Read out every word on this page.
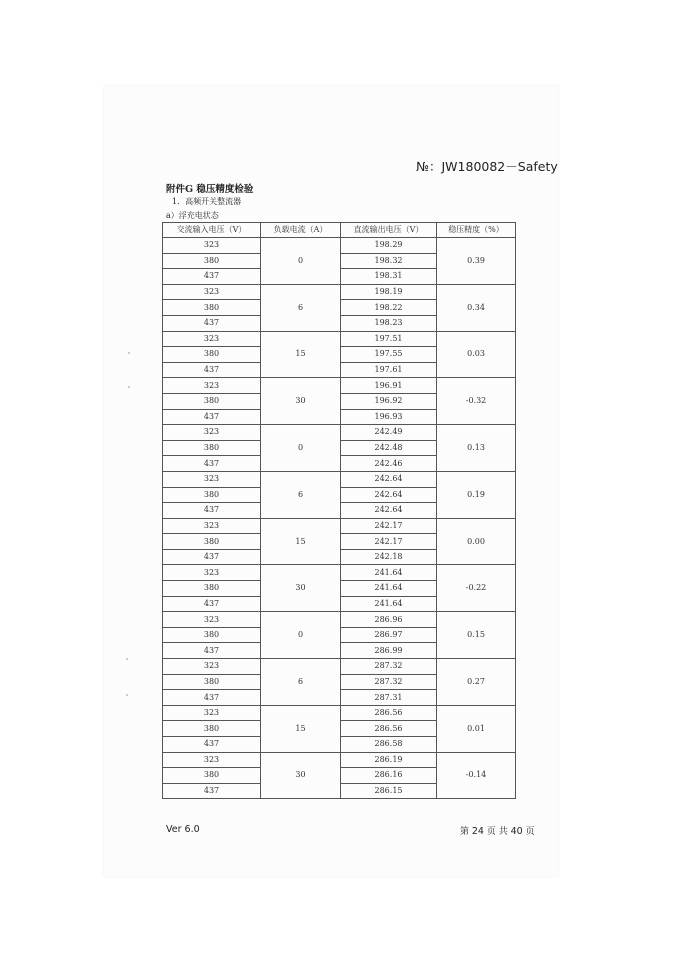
№：JW180082－Safety
附件G 稳压精度检验
1．高频开关整流器
a）浮充电状态
交流输入电压（V）	负载电流（A）	直流输出电压（V）	稳压精度（%）
323	0	198.29	0.39
380		198.32	
437		198.31	
323	6	198.19	0.34
380		198.22	
437		198.23	
323	15	197.51	0.03
380		197.55	
437		197.61	
323	30	196.91	-0.32
380		196.92	
437		196.93	
323	0	242.49	0.13
380		242.48	
437		242.46	
323	6	242.64	0.19
380		242.64	
437		242.64	
323	15	242.17	0.00
380		242.17	
437		242.18	
323	30	241.64	-0.22
380		241.64	
437		241.64	
323	0	286.96	0.15
380		286.97	
437		286.99	
323	6	287.32	0.27
380		287.32	
437		287.31	
323	15	286.56	0.01
380		286.56	
437		286.58	
323	30	286.19	-0.14
380		286.16	
437		286.15	
Ver 6.0	第 24 页 共 40 页
